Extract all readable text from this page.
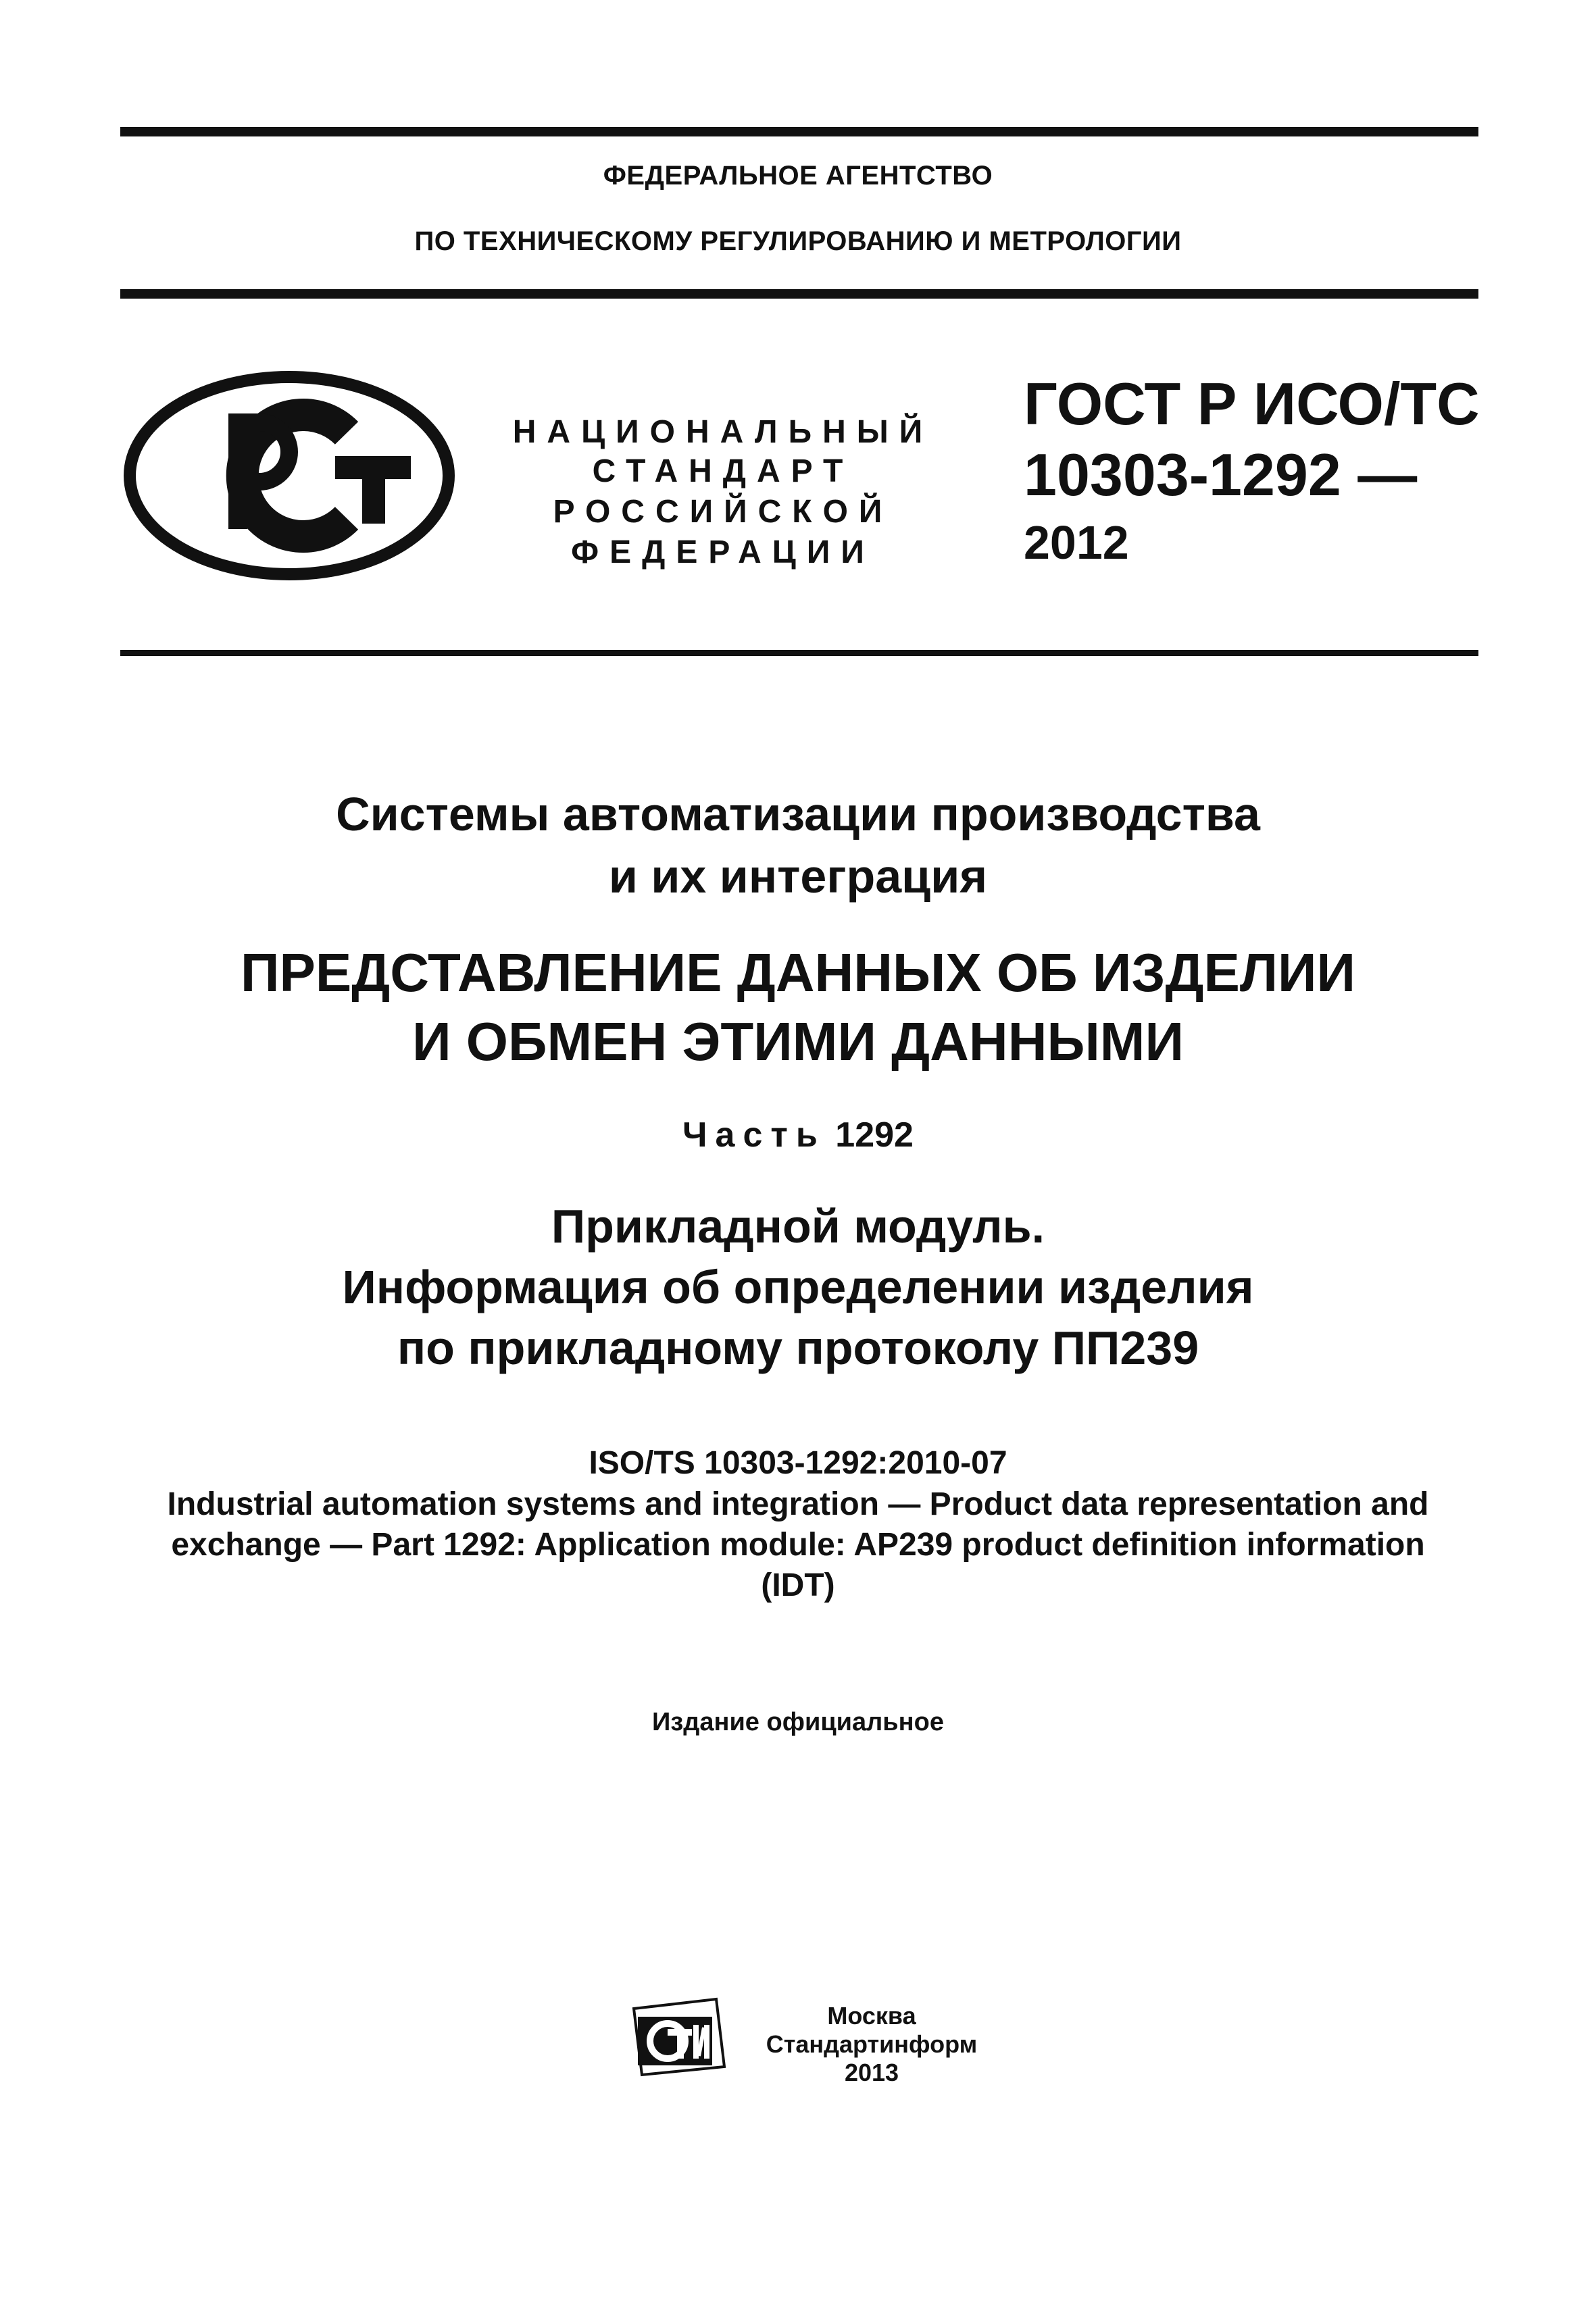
ФЕДЕРАЛЬНОЕ АГЕНТСТВО
ПО ТЕХНИЧЕСКОМУ РЕГУЛИРОВАНИЮ И МЕТРОЛОГИИ
НАЦИОНАЛЬНЫЙ
СТАНДАРТ
РОССИЙСКОЙ
ФЕДЕРАЦИИ
ГОСТ Р ИСО/ТС
10303-1292 —
2012
Системы автоматизации производства
и их интеграция
ПРЕДСТАВЛЕНИЕ ДАННЫХ ОБ ИЗДЕЛИИ
И ОБМЕН ЭТИМИ ДАННЫМИ
Часть 1292
Прикладной модуль.
Информация об определении изделия
по прикладному протоколу ПП239
ISO/TS 10303-1292:2010-07
Industrial automation systems and integration — Product data representation and
exchange — Part 1292: Application module: AP239 product definition information
(IDT)
Издание официальное
Москва
Стандартинформ
2013
